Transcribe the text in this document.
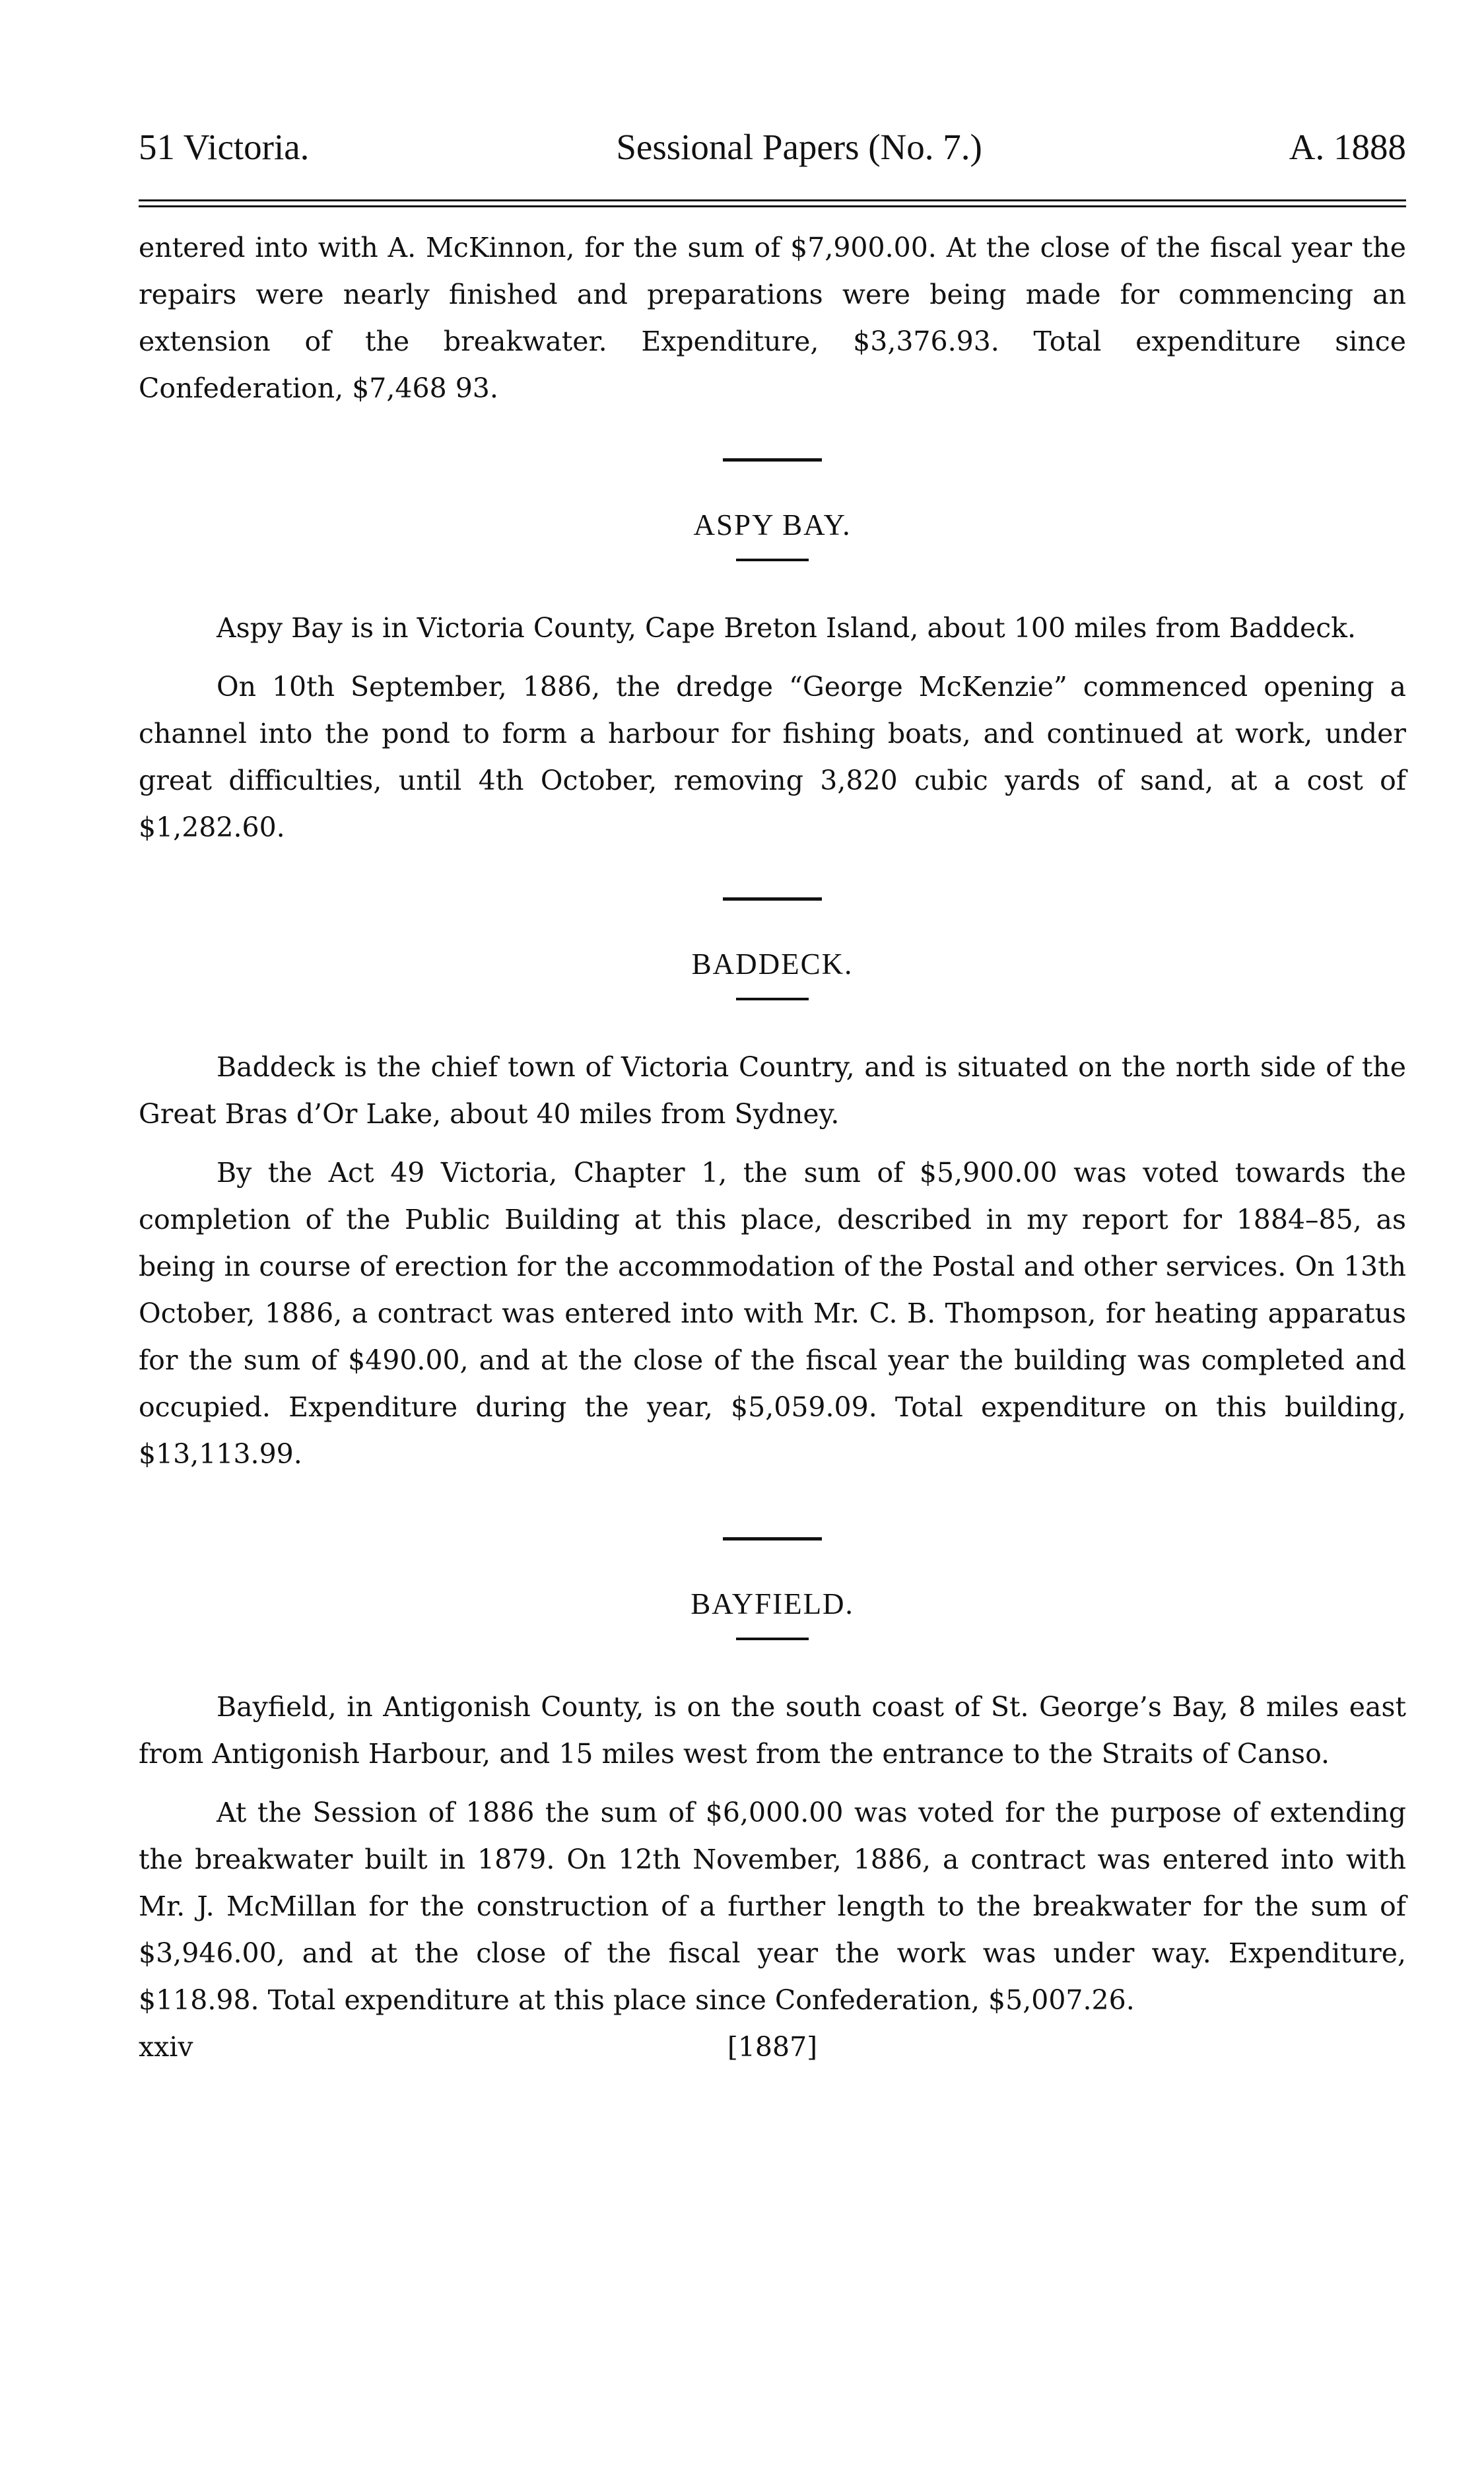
51 Victoria.	Sessional Papers (No. 7.)	A. 1888

entered into with A. McKinnon, for the sum of $7,900.00. At the close of the fiscal year the repairs were nearly finished and preparations were being made for commencing an extension of the breakwater. Expenditure, $3,376.93. Total expenditure since Confederation, $7,468 93.

ASPY BAY.

Aspy Bay is in Victoria County, Cape Breton Island, about 100 miles from Baddeck.

On 10th September, 1886, the dredge “George McKenzie” commenced opening a channel into the pond to form a harbour for fishing boats, and continued at work, under great difficulties, until 4th October, removing 3,820 cubic yards of sand, at a cost of $1,282.60.

BADDECK.

Baddeck is the chief town of Victoria Country, and is situated on the north side of the Great Bras d’Or Lake, about 40 miles from Sydney.

By the Act 49 Victoria, Chapter 1, the sum of $5,900.00 was voted towards the completion of the Public Building at this place, described in my report for 1884–85, as being in course of erection for the accommodation of the Postal and other services. On 13th October, 1886, a contract was entered into with Mr. C. B. Thompson, for heating apparatus for the sum of $490.00, and at the close of the fiscal year the building was completed and occupied. Expenditure during the year, $5,059.09. Total expenditure on this building, $13,113.99.

BAYFIELD.

Bayfield, in Antigonish County, is on the south coast of St. George’s Bay, 8 miles east from Antigonish Harbour, and 15 miles west from the entrance to the Straits of Canso.

At the Session of 1886 the sum of $6,000.00 was voted for the purpose of extending the breakwater built in 1879. On 12th November, 1886, a contract was entered into with Mr. J. McMillan for the construction of a further length to the breakwater for the sum of $3,946.00, and at the close of the fiscal year the work was under way. Expenditure, $118.98. Total expenditure at this place since Confederation, $5,007.26.

xxiv	[1887]
